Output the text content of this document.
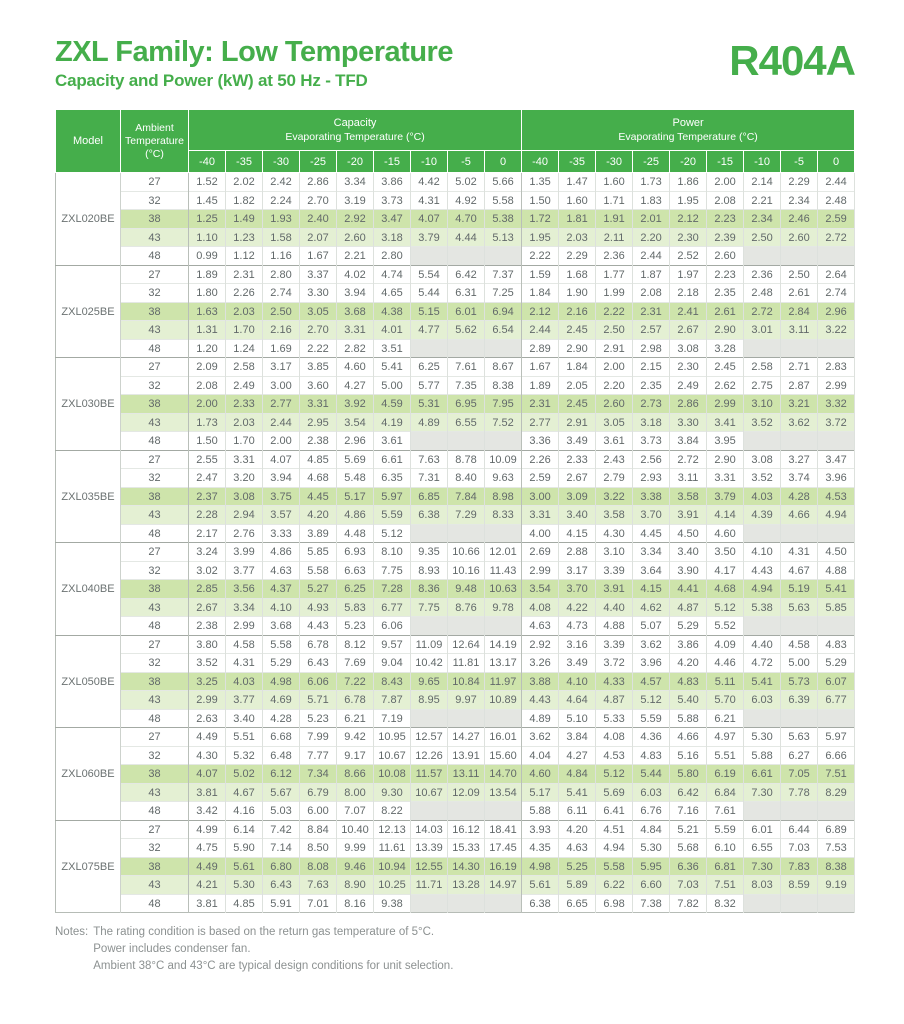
ZXL Family: Low Temperature
Capacity and Power (kW) at 50 Hz - TFD	R404A
Model	Ambient Temperature (°C)	
Capacity
Evaporating Temperature (°C)

Power
Evaporating Temperature (°C)

		-40	-35	-30	-25	-20	-15	-10	-5	0	-40	-35	-30	-25	-20	-15	-10	-5	0
ZXL020BE	27	1.52	2.02	2.42	2.86	3.34	3.86	4.42	5.02	5.66	1.35	1.47	1.60	1.73	1.86	2.00	2.14	2.29	2.44
	32	1.45	1.82	2.24	2.70	3.19	3.73	4.31	4.92	5.58	1.50	1.60	1.71	1.83	1.95	2.08	2.21	2.34	2.48
	38	1.25	1.49	1.93	2.40	2.92	3.47	4.07	4.70	5.38	1.72	1.81	1.91	2.01	2.12	2.23	2.34	2.46	2.59
	43	1.10	1.23	1.58	2.07	2.60	3.18	3.79	4.44	5.13	1.95	2.03	2.11	2.20	2.30	2.39	2.50	2.60	2.72
	48	0.99	1.12	1.16	1.67	2.21	2.80				2.22	2.29	2.36	2.44	2.52	2.60			
ZXL025BE	27	1.89	2.31	2.80	3.37	4.02	4.74	5.54	6.42	7.37	1.59	1.68	1.77	1.87	1.97	2.23	2.36	2.50	2.64
	32	1.80	2.26	2.74	3.30	3.94	4.65	5.44	6.31	7.25	1.84	1.90	1.99	2.08	2.18	2.35	2.48	2.61	2.74
	38	1.63	2.03	2.50	3.05	3.68	4.38	5.15	6.01	6.94	2.12	2.16	2.22	2.31	2.41	2.61	2.72	2.84	2.96
	43	1.31	1.70	2.16	2.70	3.31	4.01	4.77	5.62	6.54	2.44	2.45	2.50	2.57	2.67	2.90	3.01	3.11	3.22
	48	1.20	1.24	1.69	2.22	2.82	3.51				2.89	2.90	2.91	2.98	3.08	3.28			
ZXL030BE	27	2.09	2.58	3.17	3.85	4.60	5.41	6.25	7.61	8.67	1.67	1.84	2.00	2.15	2.30	2.45	2.58	2.71	2.83
	32	2.08	2.49	3.00	3.60	4.27	5.00	5.77	7.35	8.38	1.89	2.05	2.20	2.35	2.49	2.62	2.75	2.87	2.99
	38	2.00	2.33	2.77	3.31	3.92	4.59	5.31	6.95	7.95	2.31	2.45	2.60	2.73	2.86	2.99	3.10	3.21	3.32
	43	1.73	2.03	2.44	2.95	3.54	4.19	4.89	6.55	7.52	2.77	2.91	3.05	3.18	3.30	3.41	3.52	3.62	3.72
	48	1.50	1.70	2.00	2.38	2.96	3.61				3.36	3.49	3.61	3.73	3.84	3.95			
ZXL035BE	27	2.55	3.31	4.07	4.85	5.69	6.61	7.63	8.78	10.09	2.26	2.33	2.43	2.56	2.72	2.90	3.08	3.27	3.47
	32	2.47	3.20	3.94	4.68	5.48	6.35	7.31	8.40	9.63	2.59	2.67	2.79	2.93	3.11	3.31	3.52	3.74	3.96
	38	2.37	3.08	3.75	4.45	5.17	5.97	6.85	7.84	8.98	3.00	3.09	3.22	3.38	3.58	3.79	4.03	4.28	4.53
	43	2.28	2.94	3.57	4.20	4.86	5.59	6.38	7.29	8.33	3.31	3.40	3.58	3.70	3.91	4.14	4.39	4.66	4.94
	48	2.17	2.76	3.33	3.89	4.48	5.12				4.00	4.15	4.30	4.45	4.50	4.60			
ZXL040BE	27	3.24	3.99	4.86	5.85	6.93	8.10	9.35	10.66	12.01	2.69	2.88	3.10	3.34	3.40	3.50	4.10	4.31	4.50
	32	3.02	3.77	4.63	5.58	6.63	7.75	8.93	10.16	11.43	2.99	3.17	3.39	3.64	3.90	4.17	4.43	4.67	4.88
	38	2.85	3.56	4.37	5.27	6.25	7.28	8.36	9.48	10.63	3.54	3.70	3.91	4.15	4.41	4.68	4.94	5.19	5.41
	43	2.67	3.34	4.10	4.93	5.83	6.77	7.75	8.76	9.78	4.08	4.22	4.40	4.62	4.87	5.12	5.38	5.63	5.85
	48	2.38	2.99	3.68	4.43	5.23	6.06				4.63	4.73	4.88	5.07	5.29	5.52			
ZXL050BE	27	3.80	4.58	5.58	6.78	8.12	9.57	11.09	12.64	14.19	2.92	3.16	3.39	3.62	3.86	4.09	4.40	4.58	4.83
	32	3.52	4.31	5.29	6.43	7.69	9.04	10.42	11.81	13.17	3.26	3.49	3.72	3.96	4.20	4.46	4.72	5.00	5.29
	38	3.25	4.03	4.98	6.06	7.22	8.43	9.65	10.84	11.97	3.88	4.10	4.33	4.57	4.83	5.11	5.41	5.73	6.07
	43	2.99	3.77	4.69	5.71	6.78	7.87	8.95	9.97	10.89	4.43	4.64	4.87	5.12	5.40	5.70	6.03	6.39	6.77
	48	2.63	3.40	4.28	5.23	6.21	7.19				4.89	5.10	5.33	5.59	5.88	6.21			
ZXL060BE	27	4.49	5.51	6.68	7.99	9.42	10.95	12.57	14.27	16.01	3.62	3.84	4.08	4.36	4.66	4.97	5.30	5.63	5.97
	32	4.30	5.32	6.48	7.77	9.17	10.67	12.26	13.91	15.60	4.04	4.27	4.53	4.83	5.16	5.51	5.88	6.27	6.66
	38	4.07	5.02	6.12	7.34	8.66	10.08	11.57	13.11	14.70	4.60	4.84	5.12	5.44	5.80	6.19	6.61	7.05	7.51
	43	3.81	4.67	5.67	6.79	8.00	9.30	10.67	12.09	13.54	5.17	5.41	5.69	6.03	6.42	6.84	7.30	7.78	8.29
	48	3.42	4.16	5.03	6.00	7.07	8.22				5.88	6.11	6.41	6.76	7.16	7.61			
ZXL075BE	27	4.99	6.14	7.42	8.84	10.40	12.13	14.03	16.12	18.41	3.93	4.20	4.51	4.84	5.21	5.59	6.01	6.44	6.89
	32	4.75	5.90	7.14	8.50	9.99	11.61	13.39	15.33	17.45	4.35	4.63	4.94	5.30	5.68	6.10	6.55	7.03	7.53
	38	4.49	5.61	6.80	8.08	9.46	10.94	12.55	14.30	16.19	4.98	5.25	5.58	5.95	6.36	6.81	7.30	7.83	8.38
	43	4.21	5.30	6.43	7.63	8.90	10.25	11.71	13.28	14.97	5.61	5.89	6.22	6.60	7.03	7.51	8.03	8.59	9.19
	48	3.81	4.85	5.91	7.01	8.16	9.38				6.38	6.65	6.98	7.38	7.82	8.32			
Notes: The rating condition is based on the return gas temperature of 5°C.
Power includes condenser fan.
Ambient 38°C and 43°C are typical design conditions for unit selection.
